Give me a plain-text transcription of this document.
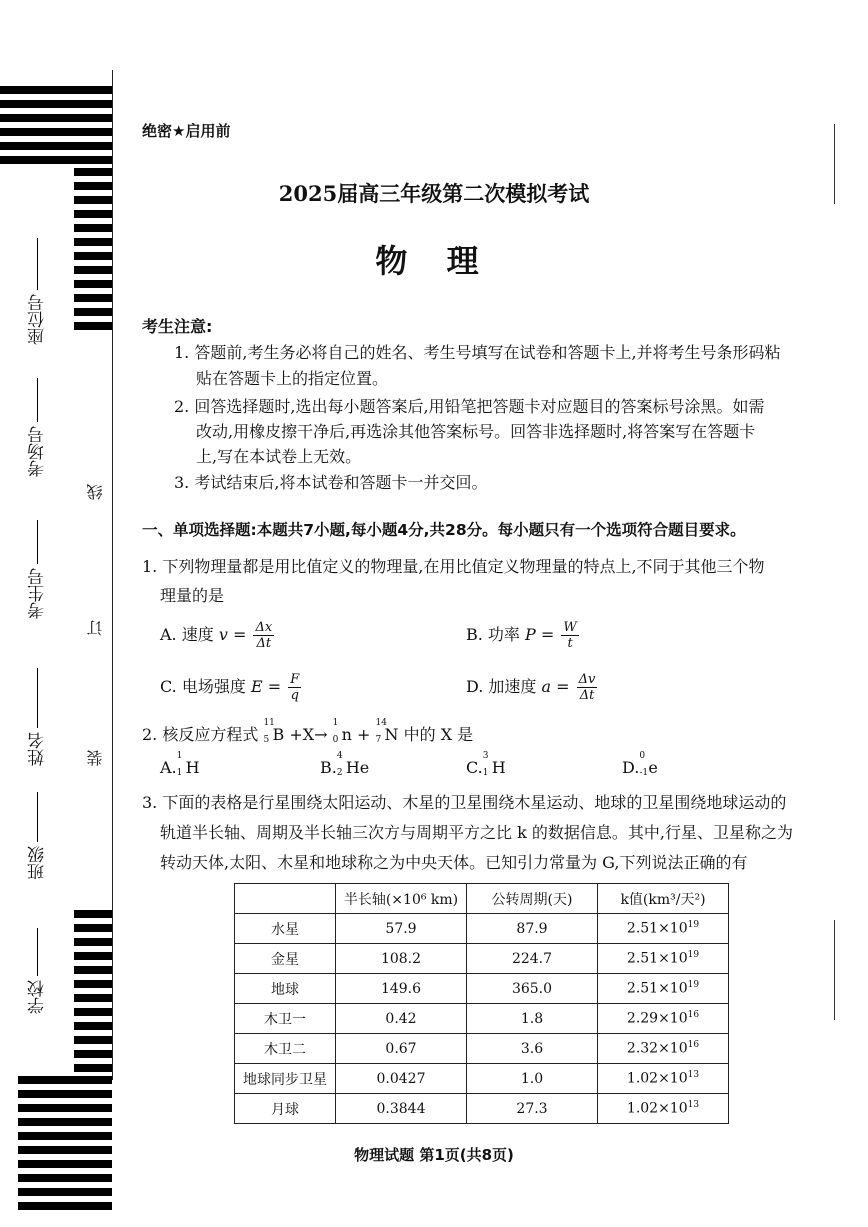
座位号
考场号
考生号
姓名
班级
学校
线
订
装
绝密★启用前
2025届高三年级第二次模拟考试
物 理
考生注意:
1. 答题前,考生务必将自己的姓名、考生号填写在试卷和答题卡上,并将考生号条形码粘
贴在答题卡上的指定位置。
2. 回答选择题时,选出每小题答案后,用铅笔把答题卡对应题目的答案标号涂黑。如需
改动,用橡皮擦干净后,再选涂其他答案标号。回答非选择题时,将答案写在答题卡
上,写在本试卷上无效。
3. 考试结束后,将本试卷和答题卡一并交回。
一、单项选择题:本题共7小题,每小题4分,共28分。每小题只有一个选项符合题目要求。
1. 下列物理量都是用比值定义的物理量,在用比值定义物理量的特点上,不同于其他三个物
理量的是
A. 速度 $v = \frac{\Delta x}{\Delta t}$	B. 功率 $P = \frac{W}{t}$
C. 电场强度 $E = \frac{F}{q}$	D. 加速度 $a = \frac{\Delta v}{\Delta t}$
2. 核反应方程式
11
5 B +X→
1
0 n +
14
7 N 中的 X 是
A.
1
1 H	B.
4
2 He	C.
3
1 H	D.
0
-1 e
3. 下面的表格是行星围绕太阳运动、木星的卫星围绕木星运动、地球的卫星围绕地球运动的
轨道半长轴、周期及半长轴三次方与周期平方之比 k 的数据信息。其中,行星、卫星称之为
转动天体,太阳、木星和地球称之为中央天体。已知引力常量为 G,下列说法正确的有
	半长轴(×10⁶ km)	公转周期(天)	k值(km³/天²)
水星	57.9	87.9	$2.51\times 10^{19}$
金星	108.2	224.7	$2.51\times 10^{19}$
地球	149.6	365.0	$2.51\times 10^{19}$
木卫一	0.42	1.8	$2.29\times 10^{16}$
木卫二	0.67	3.6	$2.32\times 10^{16}$
地球同步卫星	0.0427	1.0	$1.02\times 10^{13}$
月球	0.3844	27.3	$1.02\times 10^{13}$
物理试题 第1页(共8页)
